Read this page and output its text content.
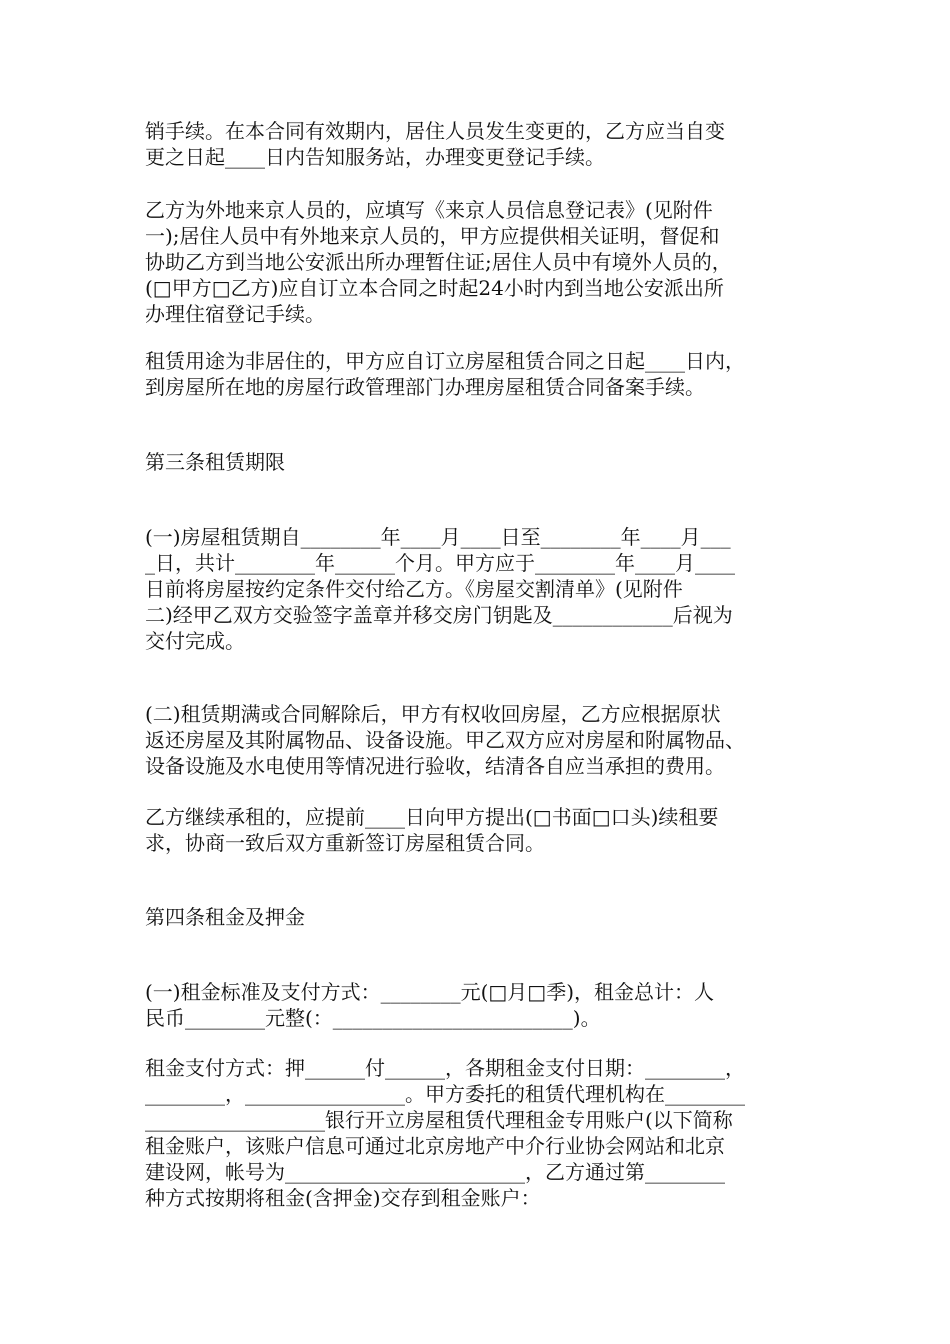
销手续。在本合同有效期内，居住人员发生变更的，乙方应当自变
更之日起____日内告知服务站，办理变更登记手续。
乙方为外地来京人员的，应填写《来京人员信息登记表》(见附件
一);居住人员中有外地来京人员的，甲方应提供相关证明，督促和
协助乙方到当地公安派出所办理暂住证;居住人员中有境外人员的，
(□甲方□乙方)应自订立本合同之时起24小时内到当地公安派出所
办理住宿登记手续。
租赁用途为非居住的，甲方应自订立房屋租赁合同之日起____日内，
到房屋所在地的房屋行政管理部门办理房屋租赁合同备案手续。
第三条租赁期限
(一)房屋租赁期自________年____月____日至________年____月___
_日，共计________年______个月。甲方应于________年____月____
日前将房屋按约定条件交付给乙方。《房屋交割清单》(见附件
二)经甲乙双方交验签字盖章并移交房门钥匙及____________后视为
交付完成。
(二)租赁期满或合同解除后，甲方有权收回房屋，乙方应根据原状
返还房屋及其附属物品、设备设施。甲乙双方应对房屋和附属物品、
设备设施及水电使用等情况进行验收，结清各自应当承担的费用。
乙方继续承租的，应提前____日向甲方提出(□书面□口头)续租要
求，协商一致后双方重新签订房屋租赁合同。
第四条租金及押金
(一)租金标准及支付方式：________元(□月□季)，租金总计：人
民币________元整(：________________________)。
租金支付方式：押______付______，各期租金支付日期：________，
________，________________。甲方委托的租赁代理机构在________
__________________银行开立房屋租赁代理租金专用账户(以下简称
租金账户，该账户信息可通过北京房地产中介行业协会网站和北京
建设网，帐号为________________________，乙方通过第________
种方式按期将租金(含押金)交存到租金账户：
